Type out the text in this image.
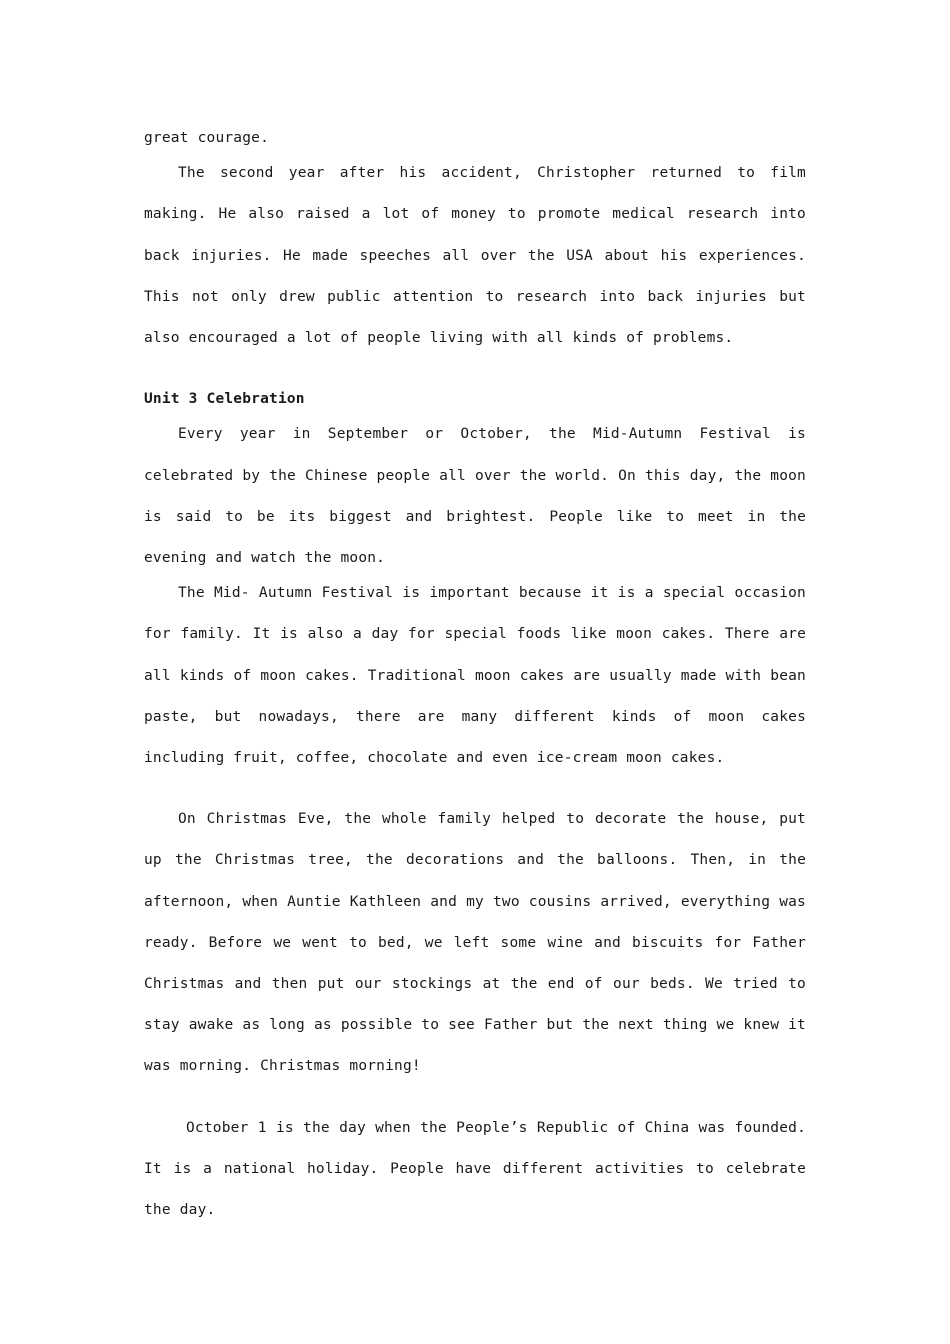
great courage.

The second year after his accident, Christopher returned to film making. He also raised a lot of money to promote medical research into back injuries. He made speeches all over the USA about his experiences. This not only drew public attention to research into back injuries but also encouraged a lot of people living with all kinds of problems.

Unit 3 Celebration

Every year in September or October, the Mid-Autumn Festival is celebrated by the Chinese people all over the world. On this day, the moon is said to be its biggest and brightest. People like to meet in the evening and watch the moon.

The Mid- Autumn Festival is important because it is a special occasion for family. It is also a day for special foods like moon cakes. There are all kinds of moon cakes. Traditional moon cakes are usually made with bean paste, but nowadays, there are many different kinds of moon cakes including fruit, coffee, chocolate and even ice-cream moon cakes.

On Christmas Eve, the whole family helped to decorate the house, put up the Christmas tree, the decorations and the balloons. Then, in the afternoon, when Auntie Kathleen and my two cousins arrived, everything was ready. Before we went to bed, we left some wine and biscuits for Father Christmas and then put our stockings at the end of our beds. We tried to stay awake as long as possible to see Father but the next thing we knew it was morning. Christmas morning!

October 1 is the day when the People’s Republic of China was founded. It is a national holiday. People have different activities to celebrate the day.
